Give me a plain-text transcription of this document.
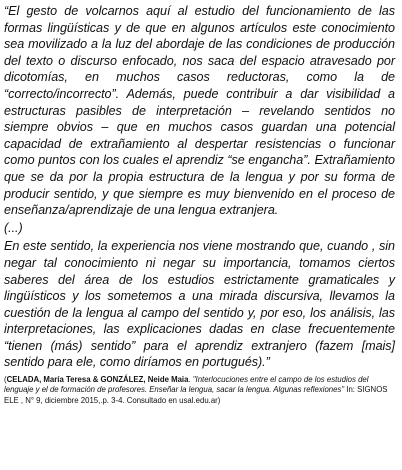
“El gesto de volcarnos aquí al estudio del funcionamiento de las formas lingüísticas y de que en algunos artículos este conocimiento sea movilizado a la luz del abordaje de las condiciones de producción del texto o discurso enfocado, nos saca del espacio atravesado por dicotomías, en muchos casos reductoras, como la de “correcto/incorrecto”. Además, puede contribuir a dar visibilidad a estructuras pasibles de interpretación – revelando sentidos no siempre obvios – que en muchos casos guardan una potencial capacidad de extrañamiento al despertar resistencias o funcionar como puntos con los cuales el aprendiz “se engancha”. Extrañamiento que se da por la propia estructura de la lengua y por su forma de producir sentido, y que siempre es muy bienvenido en el proceso de enseñanza/aprendizaje de una lengua extranjera.

(...)

En este sentido, la experiencia nos viene mostrando que, cuando , sin negar tal conocimiento ni negar su importancia, tomamos ciertos saberes del área de los estudios estrictamente gramaticales y lingüísticos y los sometemos a una mirada discursiva, llevamos la cuestión de la lengua al campo del sentido y, por eso, los análisis, las interpretaciones, las explicaciones dadas en clase frecuentemente “tienen (más) sentido” para el aprendiz extranjero (fazem [mais] sentido para ele, como diríamos en portugués).”

(CELADA, María Teresa & GONZÁLEZ, Neide Maia. "Interlocuciones entre el campo de los estudios del lenguaje y el de formación de profesores. Enseñar la lengua, sacar la lengua. Algunas reflexiones" In: SIGNOS ELE , N° 9, diciembre 2015,.p. 3-4. Consultado en usal.edu.ar)
